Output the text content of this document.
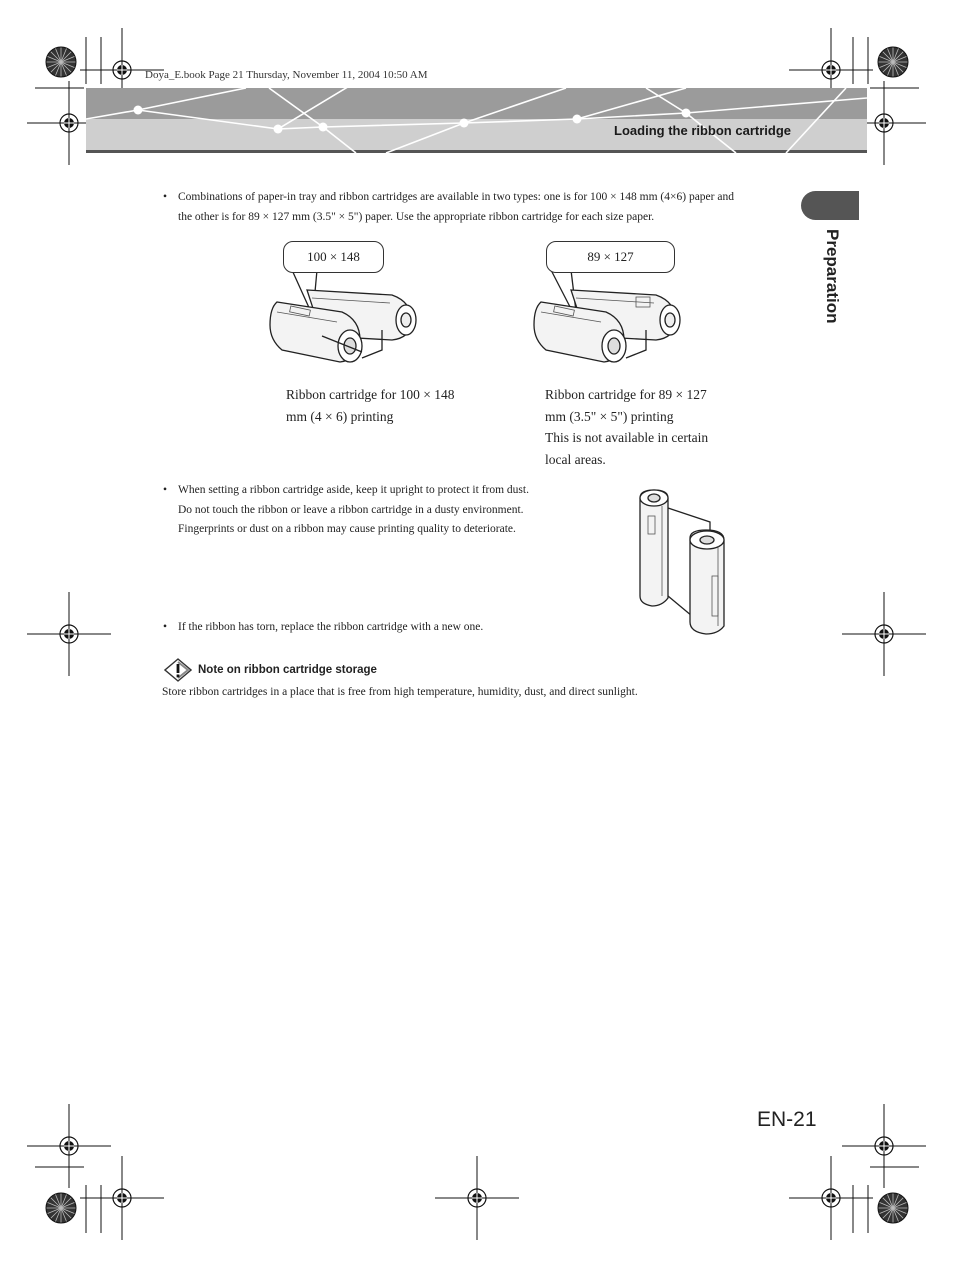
Doya_E.book Page 21 Thursday, November 11, 2004 10:50 AM
Loading the ribbon cartridge
Preparation
• Combinations of paper-in tray and ribbon cartridges are available in two types: one is for 100 × 148 mm (4×6) paper and

the other is for 89 × 127 mm (3.5" × 5") paper. Use the appropriate ribbon cartridge for each size paper.

100 × 148	89 × 127

Ribbon cartridge for 100 × 148

mm (4 × 6) printing

Ribbon cartridge for 89 × 127

mm (3.5" × 5") printing

This is not available in certain

local areas.

• When setting a ribbon cartridge aside, keep it upright to protect it from dust.

Do not touch the ribbon or leave a ribbon cartridge in a dusty environment.

Fingerprints or dust on a ribbon may cause printing quality to deteriorate.

• If the ribbon has torn, replace the ribbon cartridge with a new one.

Note on ribbon cartridge storage
Store ribbon cartridges in a place that is free from high temperature, humidity, dust, and direct sunlight.
EN-21
